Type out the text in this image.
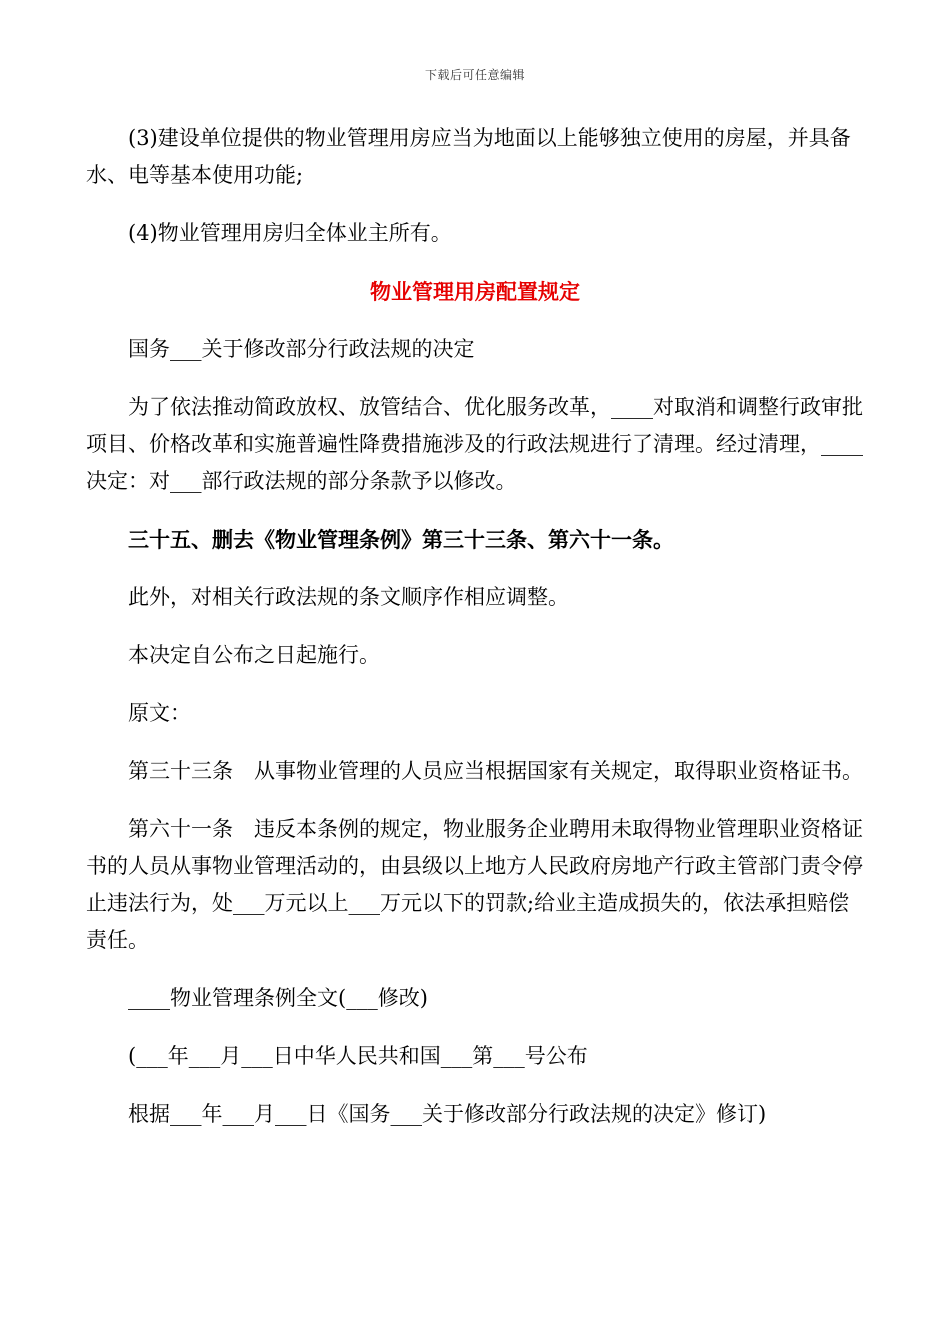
下载后可任意编辑

(3)建设单位提供的物业管理用房应当为地面以上能够独立使用的房屋，并具备水、电等基本使用功能;

(4)物业管理用房归全体业主所有。

物业管理用房配置规定

国务___关于修改部分行政法规的决定

为了依法推动简政放权、放管结合、优化服务改革，____对取消和调整行政审批项目、价格改革和实施普遍性降费措施涉及的行政法规进行了清理。经过清理，____决定：对___部行政法规的部分条款予以修改。

三十五、删去《物业管理条例》第三十三条、第六十一条。

此外，对相关行政法规的条文顺序作相应调整。

本决定自公布之日起施行。

原文：

第三十三条　从事物业管理的人员应当根据国家有关规定，取得职业资格证书。

第六十一条　违反本条例的规定，物业服务企业聘用未取得物业管理职业资格证书的人员从事物业管理活动的，由县级以上地方人民政府房地产行政主管部门责令停止违法行为，处___万元以上___万元以下的罚款;给业主造成损失的，依法承担赔偿责任。

____物业管理条例全文(___修改)

(___年___月___日中华人民共和国___第___号公布

根据___年___月___日《国务___关于修改部分行政法规的决定》修订)
